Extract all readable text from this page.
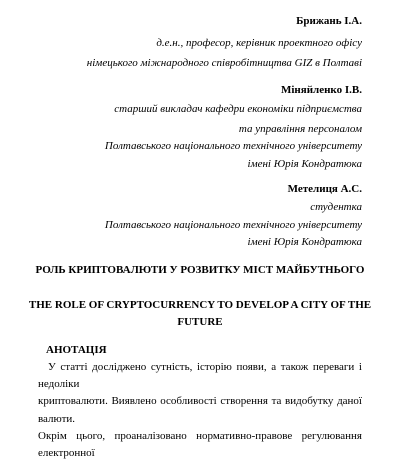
Брижань І.А.
д.е.н., професор, керівник проектного офісу
німецького міжнародного співробітництва GIZ в Полтаві
Міняйленко І.В.
старший викладач кафедри економіки підприємства
та управління персоналом
Полтавського національного технічного університету
імені Юрія Кондратюка
Метелиця А.С.
студентка
Полтавського національного технічного університету
імені Юрія Кондратюка
РОЛЬ КРИПТОВАЛЮТИ У РОЗВИТКУ МІСТ МАЙБУТНЬОГО
THE ROLE OF CRYPTOCURRENCY TO DEVELOP A CITY OF THE
FUTURE
АНОТАЦІЯ
У статті досліджено сутність, історію появи, а також переваги і недоліки
криптовалюти. Виявлено особливості створення та видобутку даної валюти.
Окрім цього, проаналізовано нормативно-правове регулювання електронної
